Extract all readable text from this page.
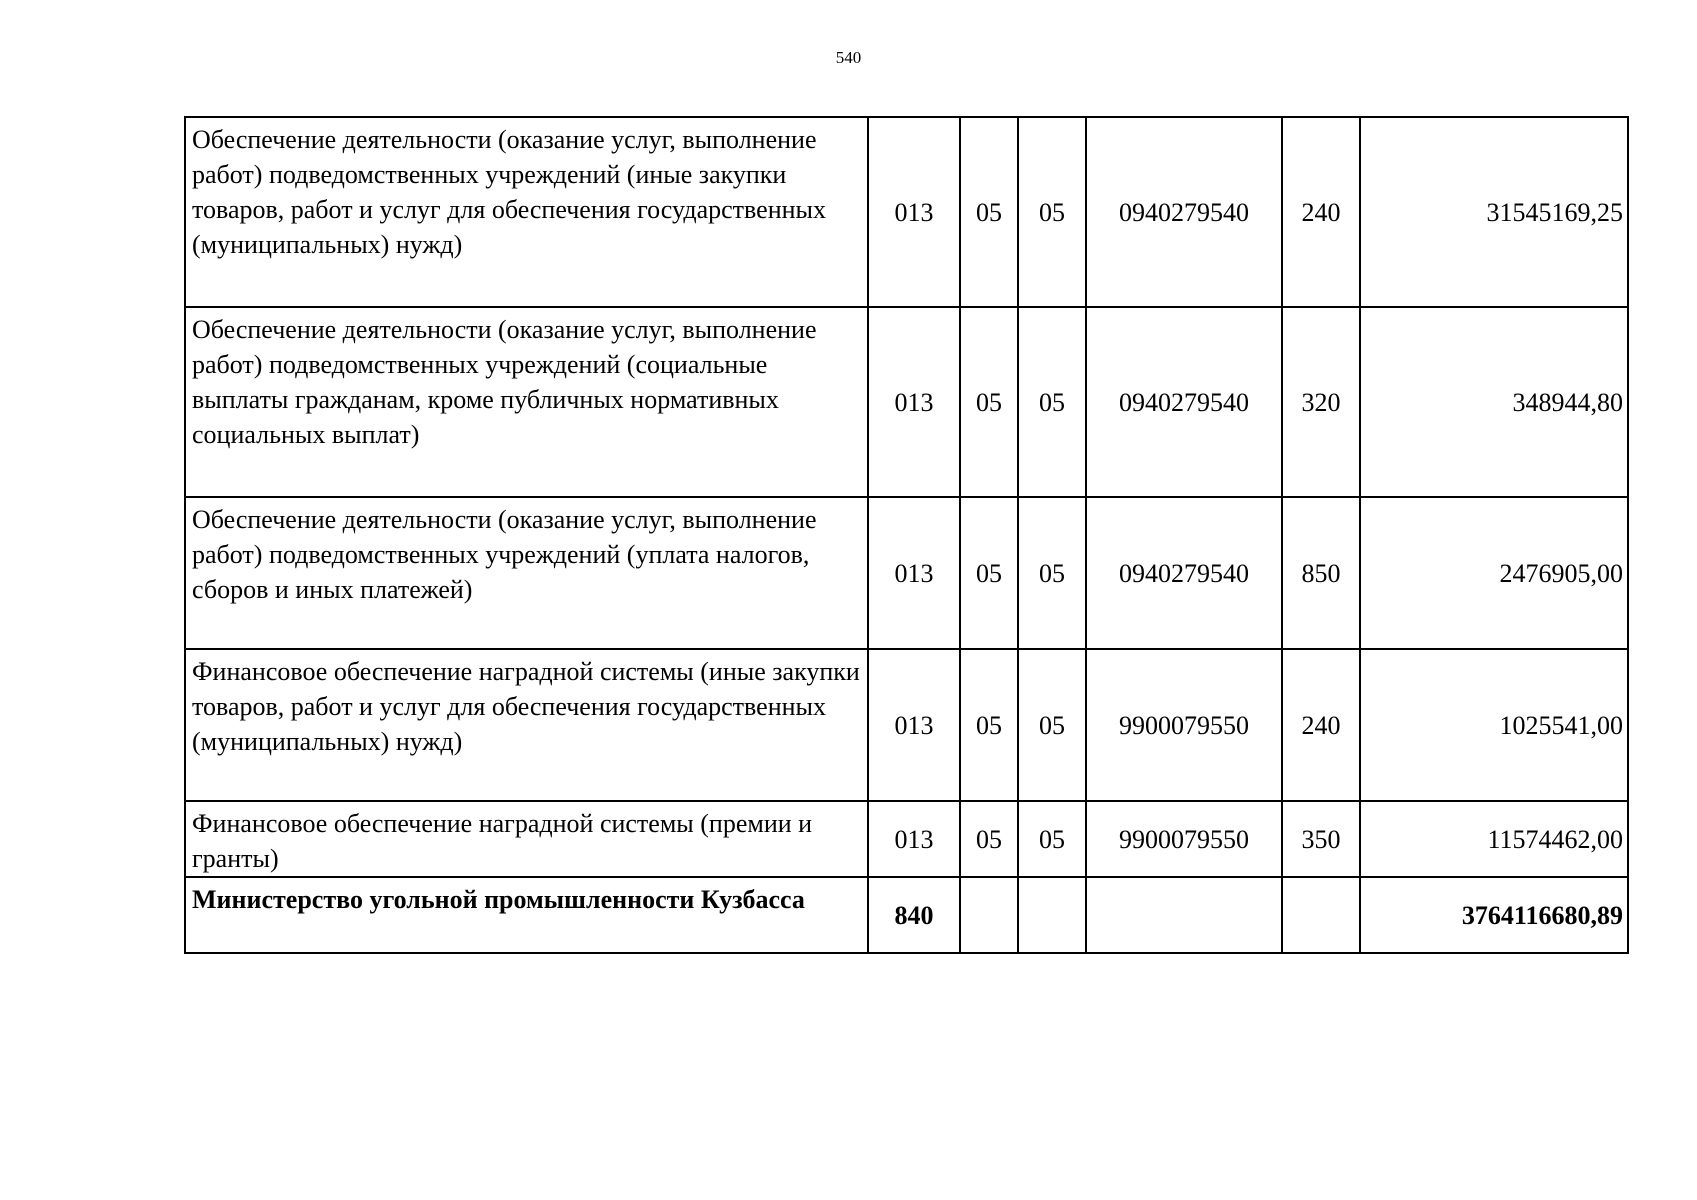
540
Обеспечение деятельности (оказание услуг, выполнение работ) подведомственных учреждений (иные закупки товаров, работ и услуг для обеспечения государственных (муниципальных) нужд)	013	05	05	0940279540	240	31545169,25
Обеспечение деятельности (оказание услуг, выполнение работ) подведомственных учреждений (социальные выплаты гражданам, кроме публичных нормативных социальных выплат)	013	05	05	0940279540	320	348944,80
Обеспечение деятельности (оказание услуг, выполнение работ) подведомственных учреждений (уплата налогов, сборов и иных платежей)	013	05	05	0940279540	850	2476905,00
Финансовое обеспечение наградной системы (иные закупки товаров, работ и услуг для обеспечения государственных (муниципальных) нужд)	013	05	05	9900079550	240	1025541,00
Финансовое обеспечение наградной системы (премии и гранты)	013	05	05	9900079550	350	11574462,00
Министерство угольной промышленности Кузбасса	840					3764116680,89
